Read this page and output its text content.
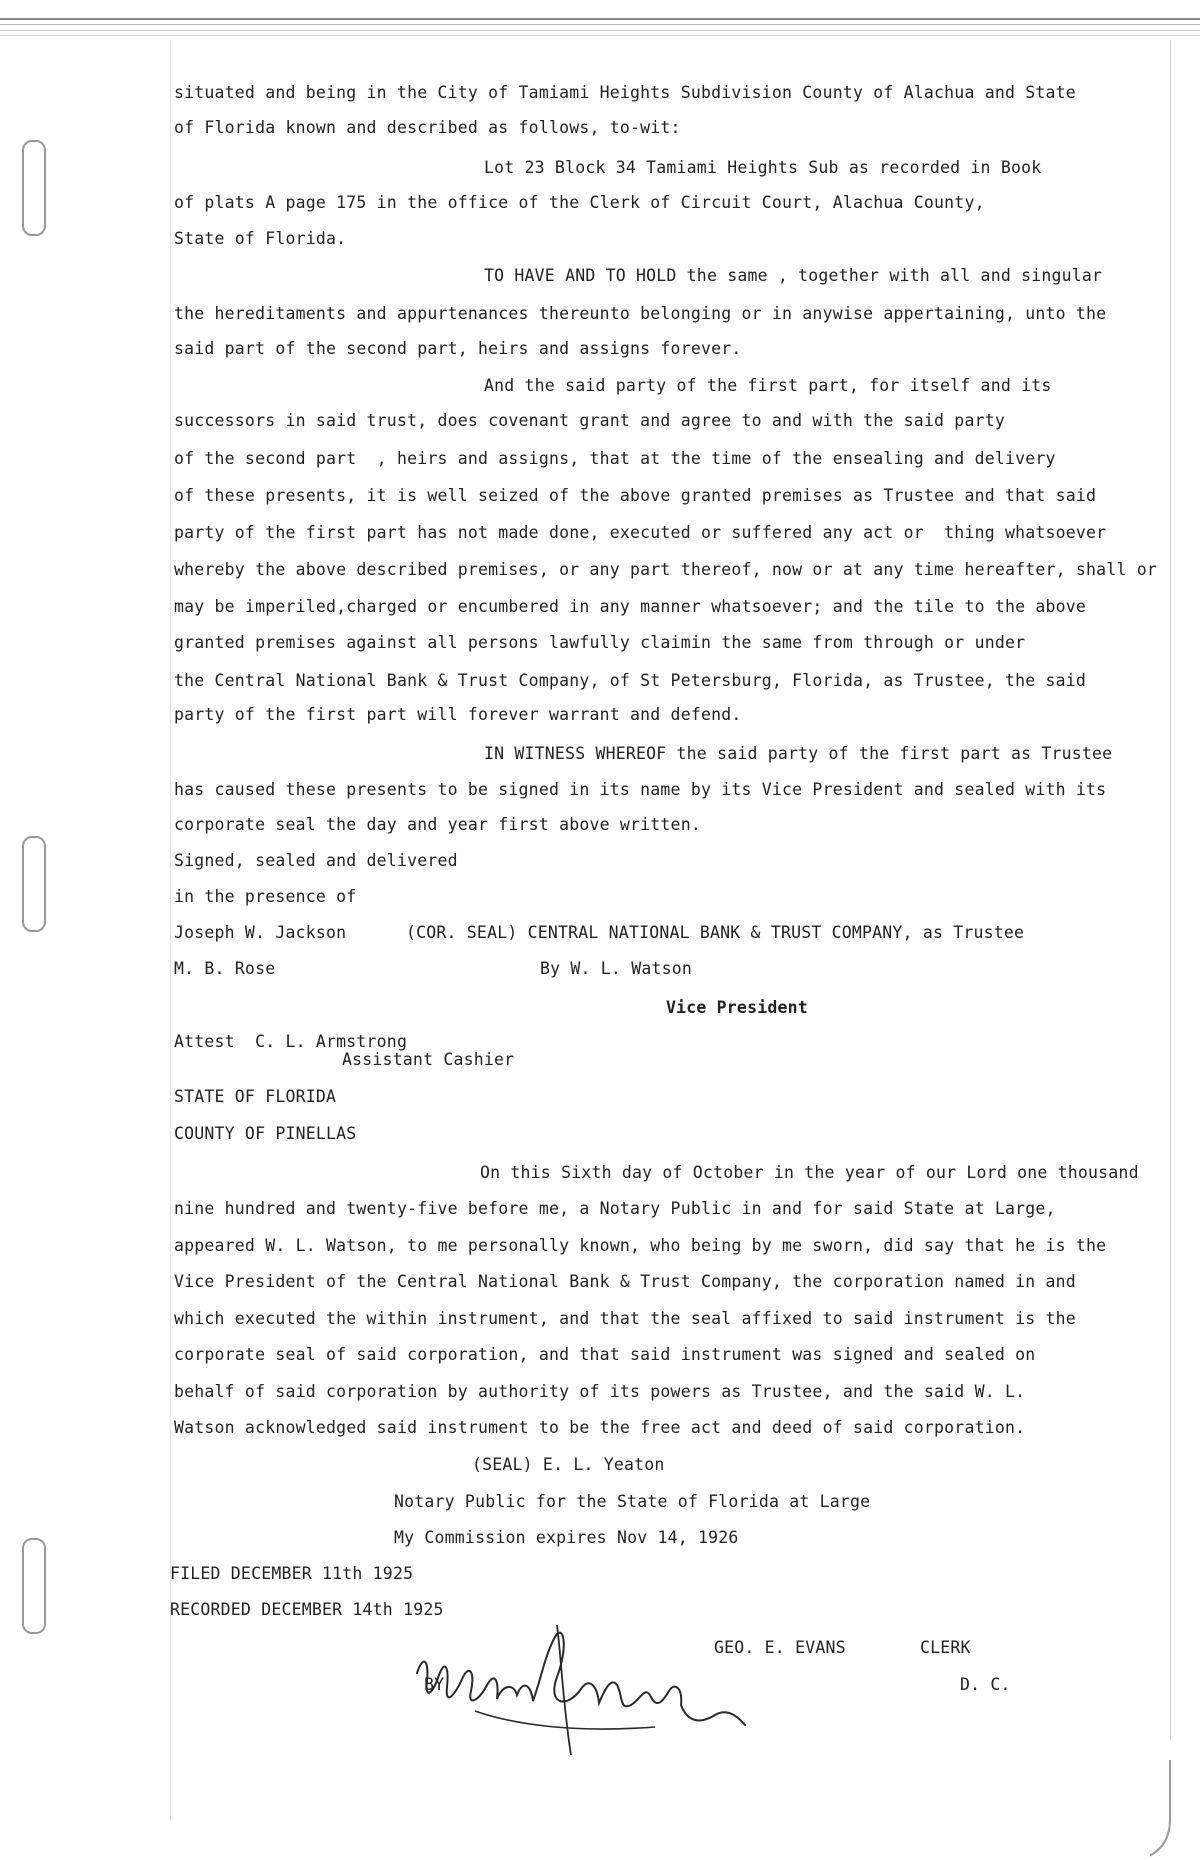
situated and being in the City of Tamiami Heights Subdivision County of Alachua and State
of Florida known and described as follows, to-wit:
Lot 23 Block 34 Tamiami Heights Sub as recorded in Book
of plats A page 175 in the office of the Clerk of Circuit Court, Alachua County,
State of Florida.
TO HAVE AND TO HOLD the same , together with all and singular
the hereditaments and appurtenances thereunto belonging or in anywise appertaining, unto the
said part of the second part, heirs and assigns forever.
And the said party of the first part, for itself and its
successors in said trust, does covenant grant and agree to and with the said party
of the second part  , heirs and assigns, that at the time of the ensealing and delivery
of these presents, it is well seized of the above granted premises as Trustee and that said
party of the first part has not made done, executed or suffered any act or  thing whatsoever
whereby the above described premises, or any part thereof, now or at any time hereafter, shall or
may be imperiled,charged or encumbered in any manner whatsoever; and the tile to the above
granted premises against all persons lawfully claimin the same from through or under
the Central National Bank & Trust Company, of St Petersburg, Florida, as Trustee, the said
party of the first part will forever warrant and defend.
IN WITNESS WHEREOF the said party of the first part as Trustee
has caused these presents to be signed in its name by its Vice President and sealed with its
corporate seal the day and year first above written.
Signed, sealed and delivered
in the presence of
Joseph W. Jackson	(COR. SEAL) CENTRAL NATIONAL BANK & TRUST COMPANY, as Trustee
M. B. Rose	By W. L. Watson
Vice President
Attest  C. L. Armstrong
Assistant Cashier
STATE OF FLORIDA
COUNTY OF PINELLAS
On this Sixth day of October in the year of our Lord one thousand
nine hundred and twenty-five before me, a Notary Public in and for said State at Large,
appeared W. L. Watson, to me personally known, who being by me sworn, did say that he is the
Vice President of the Central National Bank & Trust Company, the corporation named in and
which executed the within instrument, and that the seal affixed to said instrument is the
corporate seal of said corporation, and that said instrument was signed and sealed on
behalf of said corporation by authority of its powers as Trustee, and the said W. L.
Watson acknowledged said instrument to be the free act and deed of said corporation.
(SEAL) E. L. Yeaton
Notary Public for the State of Florida at Large
My Commission expires Nov 14, 1926
FILED DECEMBER 11th 1925
RECORDED DECEMBER 14th 1925
GEO. E. EVANS	CLERK
BY	D. C.
